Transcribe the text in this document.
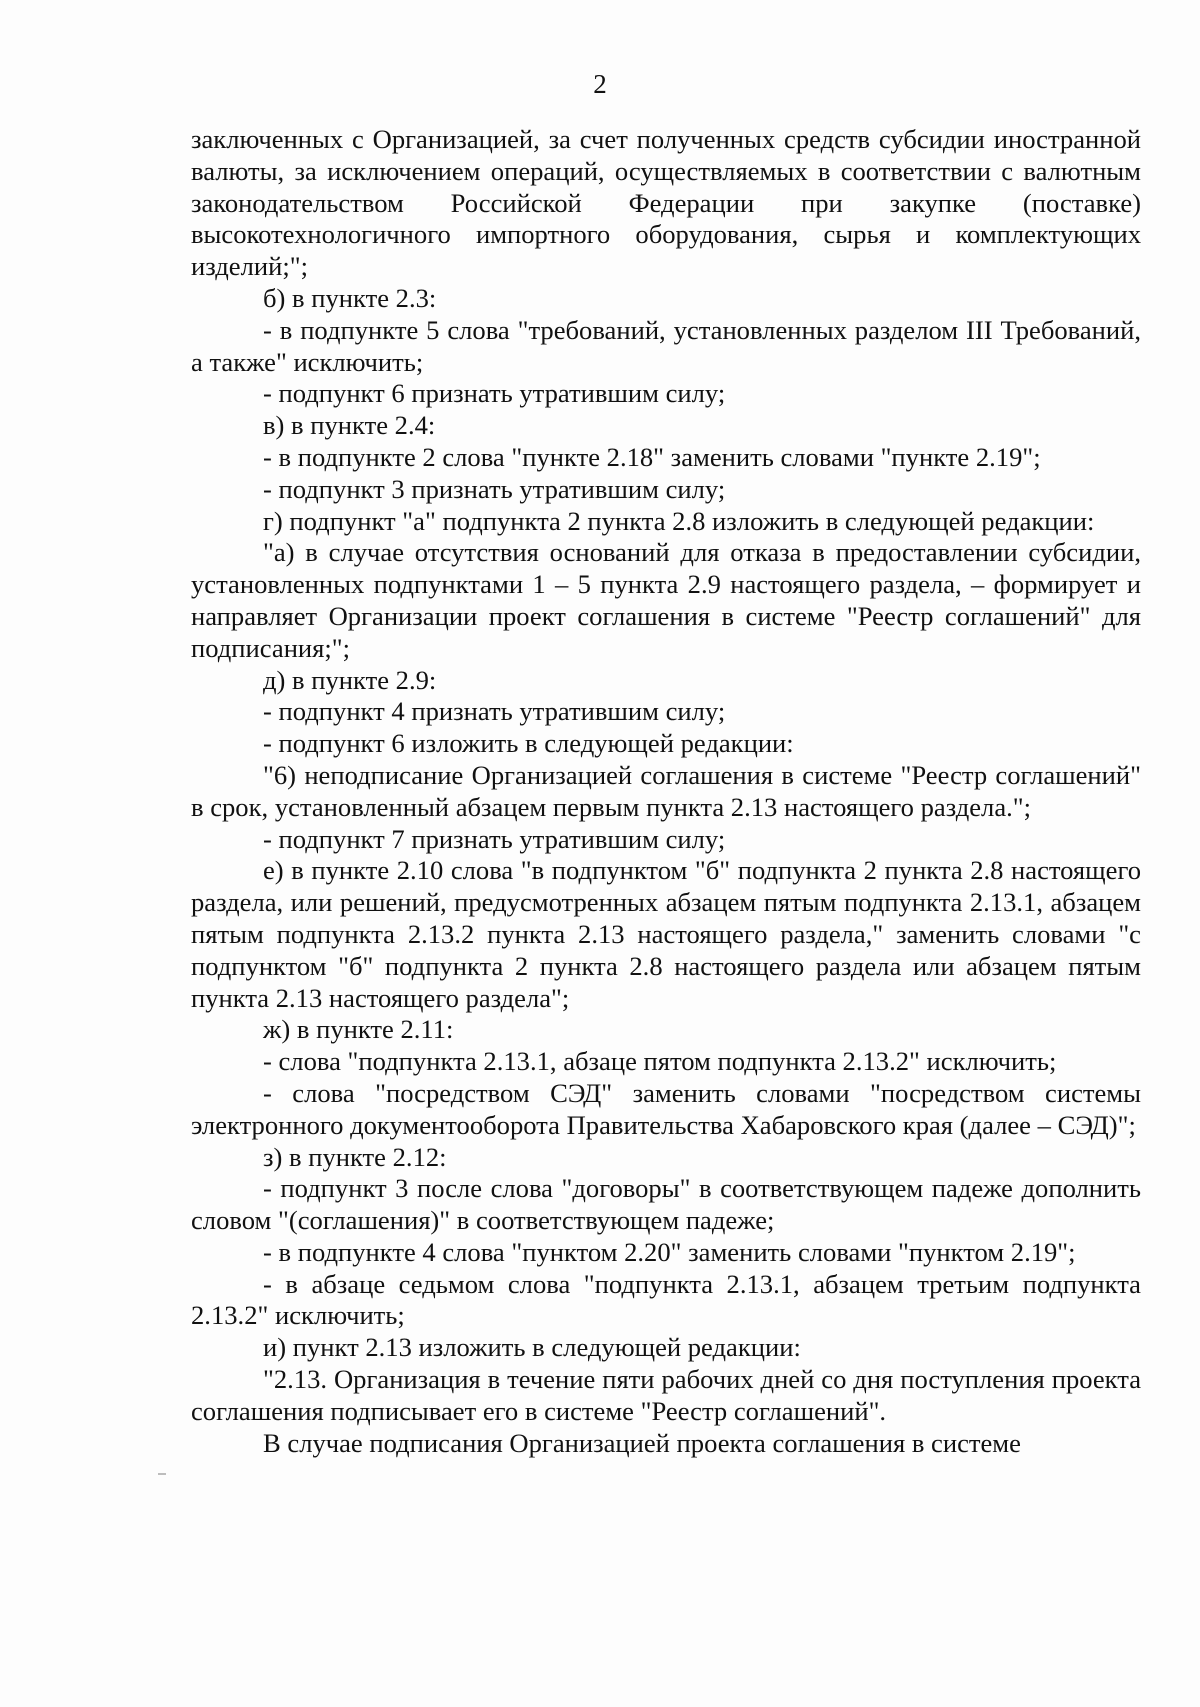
2

заключенных с Организацией, за счет полученных средств субсидии иностранной валюты, за исключением операций, осуществляемых в соответствии с валютным законодательством Российской Федерации при закупке (поставке) высокотехнологичного импортного оборудования, сырья и комплектующих изделий;";

б) в пункте 2.3:

- в подпункте 5 слова "требований, установленных разделом III Требований, а также" исключить;

- подпункт 6 признать утратившим силу;

в) в пункте 2.4:

- в подпункте 2 слова "пункте 2.18" заменить словами "пункте 2.19";

- подпункт 3 признать утратившим силу;

г) подпункт "а" подпункта 2 пункта 2.8 изложить в следующей редакции:

"а) в случае отсутствия оснований для отказа в предоставлении субсидии, установленных подпунктами 1 – 5 пункта 2.9 настоящего раздела, – формирует и направляет Организации проект соглашения в системе "Реестр соглашений" для подписания;";

д) в пункте 2.9:

- подпункт 4 признать утратившим силу;

- подпункт 6 изложить в следующей редакции:

"6) неподписание Организацией соглашения в системе "Реестр соглашений" в срок, установленный абзацем первым пункта 2.13 настоящего раздела.";

- подпункт 7 признать утратившим силу;

е) в пункте 2.10 слова "в подпунктом "б" подпункта 2 пункта 2.8 настоящего раздела, или решений, предусмотренных абзацем пятым подпункта 2.13.1, абзацем пятым подпункта 2.13.2 пункта 2.13 настоящего раздела," заменить словами "с подпунктом "б" подпункта 2 пункта 2.8 настоящего раздела или абзацем пятым пункта 2.13 настоящего раздела";

ж) в пункте 2.11:

- слова "подпункта 2.13.1, абзаце пятом подпункта 2.13.2" исключить;

- слова "посредством СЭД" заменить словами "посредством системы электронного документооборота Правительства Хабаровского края (далее – СЭД)";

з) в пункте 2.12:

- подпункт 3 после слова "договоры" в соответствующем падеже дополнить словом "(соглашения)" в соответствующем падеже;

- в подпункте 4 слова "пунктом 2.20" заменить словами "пунктом 2.19";

- в абзаце седьмом слова "подпункта 2.13.1, абзацем третьим подпункта 2.13.2" исключить;

и) пункт 2.13 изложить в следующей редакции:

"2.13. Организация в течение пяти рабочих дней со дня поступления проекта соглашения подписывает его в системе "Реестр соглашений".

В случае подписания Организацией проекта соглашения в системе
